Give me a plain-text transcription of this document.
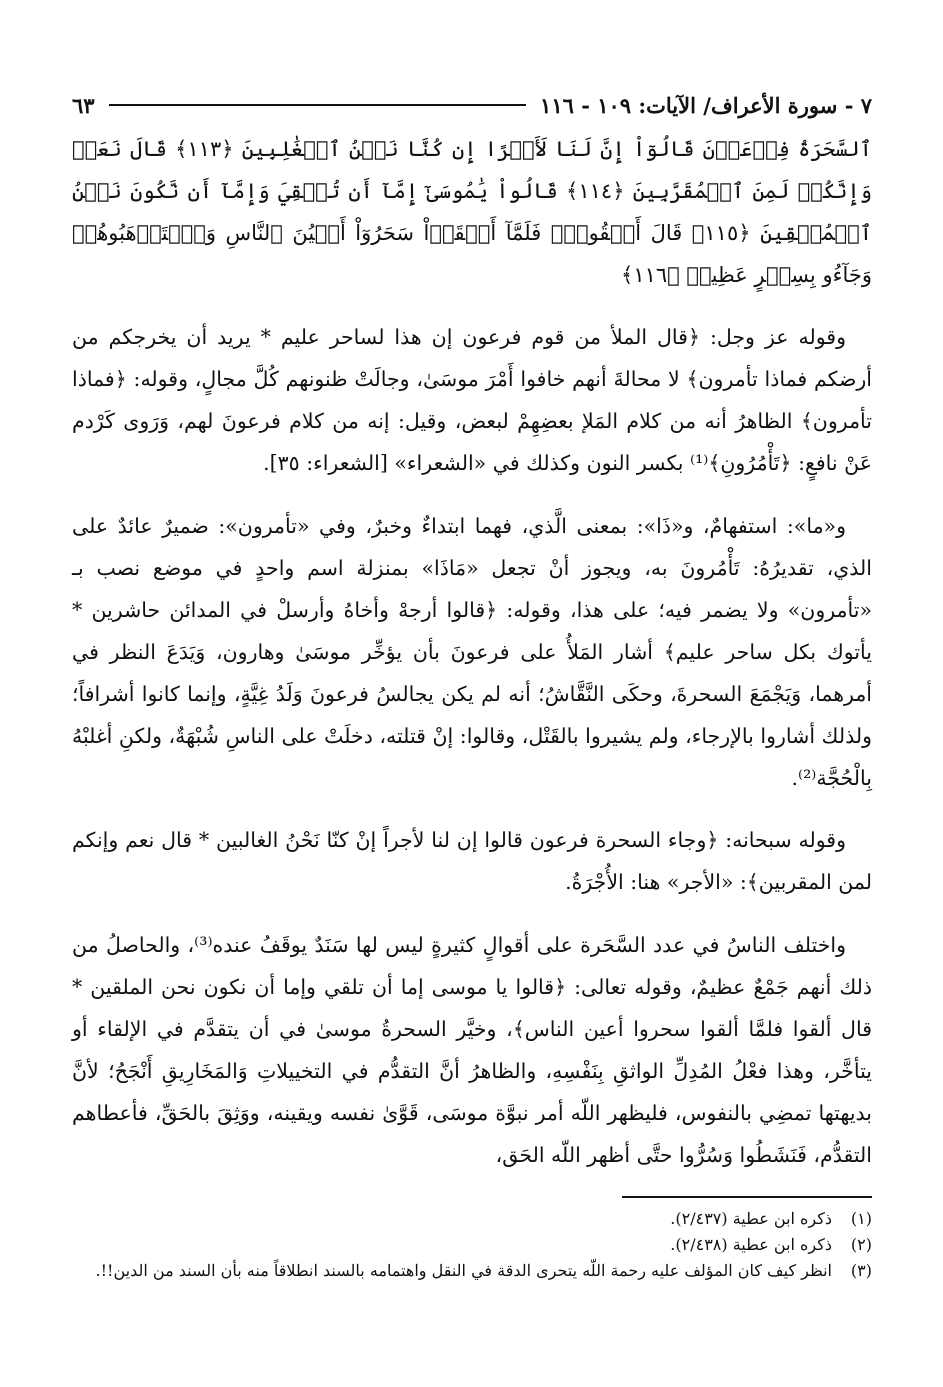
٧ - سورة الأعراف/ الآيات: ١٠٩ - ١١٦
٦٣
ٱلسَّحَرَةُ فِرۡعَوۡنَ قَالُوٓاْ إِنَّ لَنَا لَأَجۡرًا إِن كُنَّا نَحۡنُ ٱلۡغَٰلِبِينَ ﴿١١٣﴾ قَالَ نَعَمۡ وَإِنَّكُمۡ لَمِنَ ٱلۡمُقَرَّبِينَ ﴿١١٤﴾ قَالُواْ يَٰمُوسَىٰٓ إِمَّآ أَن تُلۡقِيَ وَإِمَّآ أَن نَّكُونَ نَحۡنُ ٱلۡمُلۡقِينَ ﴿١١٥﴾ قَالَ أَلۡقُواْۖ فَلَمَّآ أَلۡقَوۡاْ سَحَرُوٓاْ أَعۡيُنَ ٱلنَّاسِ وَٱسۡتَرۡهَبُوهُمۡ وَجَآءُو بِسِحۡرٍ عَظِيمٖ ﴿١١٦﴾

وقوله عز وجل: ﴿قال الملأ من قوم فرعون إن هذا لساحر عليم * يريد أن يخرجكم من أرضكم فماذا تأمرون﴾ لا محالةَ أنهم خافوا أَمْرَ موسَىٰ، وجالَتْ ظنونهم كُلَّ مجالٍ، وقوله: ﴿فماذا تأمرون﴾ الظاهرُ أنه من كلام المَلإ بعضِهِمْ لبعض، وقيل: إنه من كلام فرعونَ لهم، وَرَوى كَرْدم عَنْ نافعٍ: ﴿تَأْمُرُونِ﴾⁽¹⁾ بكسر النون وكذلك في «الشعراء» [الشعراء: ٣٥].

و«ما»: استفهامٌ، و«ذَا»: بمعنى الَّذي، فهما ابتداءٌ وخبرٌ، وفي «تأمرون»: ضميرٌ عائدٌ على الذي، تقديرُهُ: تَأْمُرونَ به، ويجوز أنْ تجعل «مَاذَا» بمنزلة اسم واحدٍ في موضع نصب بـ «تأمرون» ولا يضمر فيه؛ على هذا، وقوله: ﴿قالوا أرجهْ وأخاهُ وأرسلْ في المدائن حاشرين * يأتوك بكل ساحر عليم﴾ أشار المَلأُ على فرعونَ بأن يؤخِّر موسَىٰ وهارون، وَيَدَعَ النظر في أمرهما، وَيَجْمَعَ السحرةَ، وحكَى النَّقَّاشُ؛ أنه لم يكن يجالسُ فرعونَ وَلَدُ غِيَّةٍ، وإنما كانوا أشرافاً؛ ولذلك أشاروا بالإرجاء، ولم يشيروا بالقَتْل، وقالوا: إنْ قتلته، دخلَتْ على الناسِ شُبْهَةٌ، ولكنِ أغلبْهُ بِالْحُجَّة⁽²⁾.

وقوله سبحانه: ﴿وجاء السحرة فرعون قالوا إن لنا لأجراً إنْ كنّا نَحْنُ الغالبين * قال نعم وإنكم لمن المقربين﴾: «الأجر» هنا: الأُجْرَةُ.

واختلف الناسُ في عدد السَّحَرة على أقوالٍ كثيرةٍ ليس لها سَنَدٌ يوقَفُ عنده⁽³⁾، والحاصلُ من ذلك أنهم جَمْعٌ عظيمٌ، وقوله تعالى: ﴿قالوا يا موسى إما أن تلقي وإما أن نكون نحن الملقين * قال ألقوا فلمَّا ألقوا سحروا أعين الناس﴾، وخيَّر السحرةُ موسىٰ في أن يتقدَّم في الإلقاء أو يتأخَّر، وهذا فعْلُ المُدِلِّ الواثقِ بِنَفْسِهِ، والظاهرُ أنَّ التقدُّم في التخييلاتِ وَالمَخَارِيقِ أَنْجَحُ؛ لأنَّ بديهتها تمضِي بالنفوس، فليظهر اللّه أمر نبوَّة موسَى، قَوَّىٰ نفسه ويقينه، ووَثِقَ بالحَقِّ، فأعطاهم التقدُّم، فَنَشَطُوا وَسُرُّوا حتَّى أظهر اللّه الحَق،

(١)
ذكره ابن عطية (٢/٤٣٧).
(٢)
ذكره ابن عطية (٢/٤٣٨).
(٣)
انظر كيف كان المؤلف عليه رحمة اللّه يتحرى الدقة في النقل واهتمامه بالسند انطلاقاً منه بأن السند من الدين!!.
